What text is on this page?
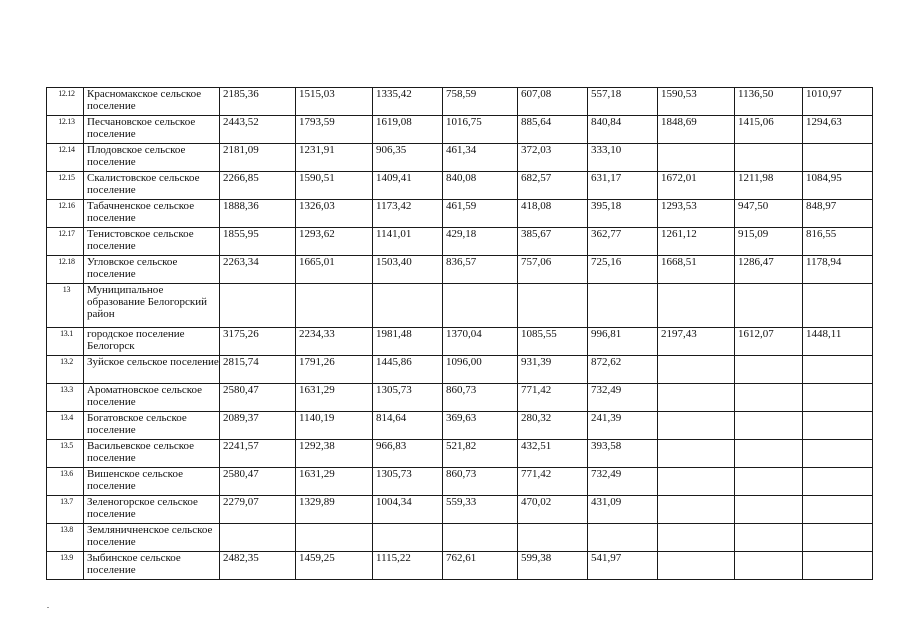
12.12	Красномакское сельское поселение	2185,36	1515,03	1335,42	758,59	607,08	557,18	1590,53	1136,50	1010,97
12.13	Песчановское сельское поселение	2443,52	1793,59	1619,08	1016,75	885,64	840,84	1848,69	1415,06	1294,63
12.14	Плодовское сельское поселение	2181,09	1231,91	906,35	461,34	372,03	333,10			
12.15	Скалистовское сельское поселение	2266,85	1590,51	1409,41	840,08	682,57	631,17	1672,01	1211,98	1084,95
12.16	Табачненское сельское поселение	1888,36	1326,03	1173,42	461,59	418,08	395,18	1293,53	947,50	848,97
12.17	Тенистовское сельское поселение	1855,95	1293,62	1141,01	429,18	385,67	362,77	1261,12	915,09	816,55
12.18	Угловское сельское поселение	2263,34	1665,01	1503,40	836,57	757,06	725,16	1668,51	1286,47	1178,94
13	Муниципальное образование Белогорский район									
13.1	городское поселение Белогорск	3175,26	2234,33	1981,48	1370,04	1085,55	996,81	2197,43	1612,07	1448,11
13.2	Зуйское сельское поселение	2815,74	1791,26	1445,86	1096,00	931,39	872,62			
13.3	Ароматновское сельское поселение	2580,47	1631,29	1305,73	860,73	771,42	732,49			
13.4	Богатовское сельское поселение	2089,37	1140,19	814,64	369,63	280,32	241,39			
13.5	Васильевское сельское поселение	2241,57	1292,38	966,83	521,82	432,51	393,58			
13.6	Вишенское сельское поселение	2580,47	1631,29	1305,73	860,73	771,42	732,49			
13.7	Зеленогорское сельское поселение	2279,07	1329,89	1004,34	559,33	470,02	431,09			
13.8	Земляничненское сельское поселение									
13.9	Зыбинское сельское поселение	2482,35	1459,25	1115,22	762,61	599,38	541,97			
